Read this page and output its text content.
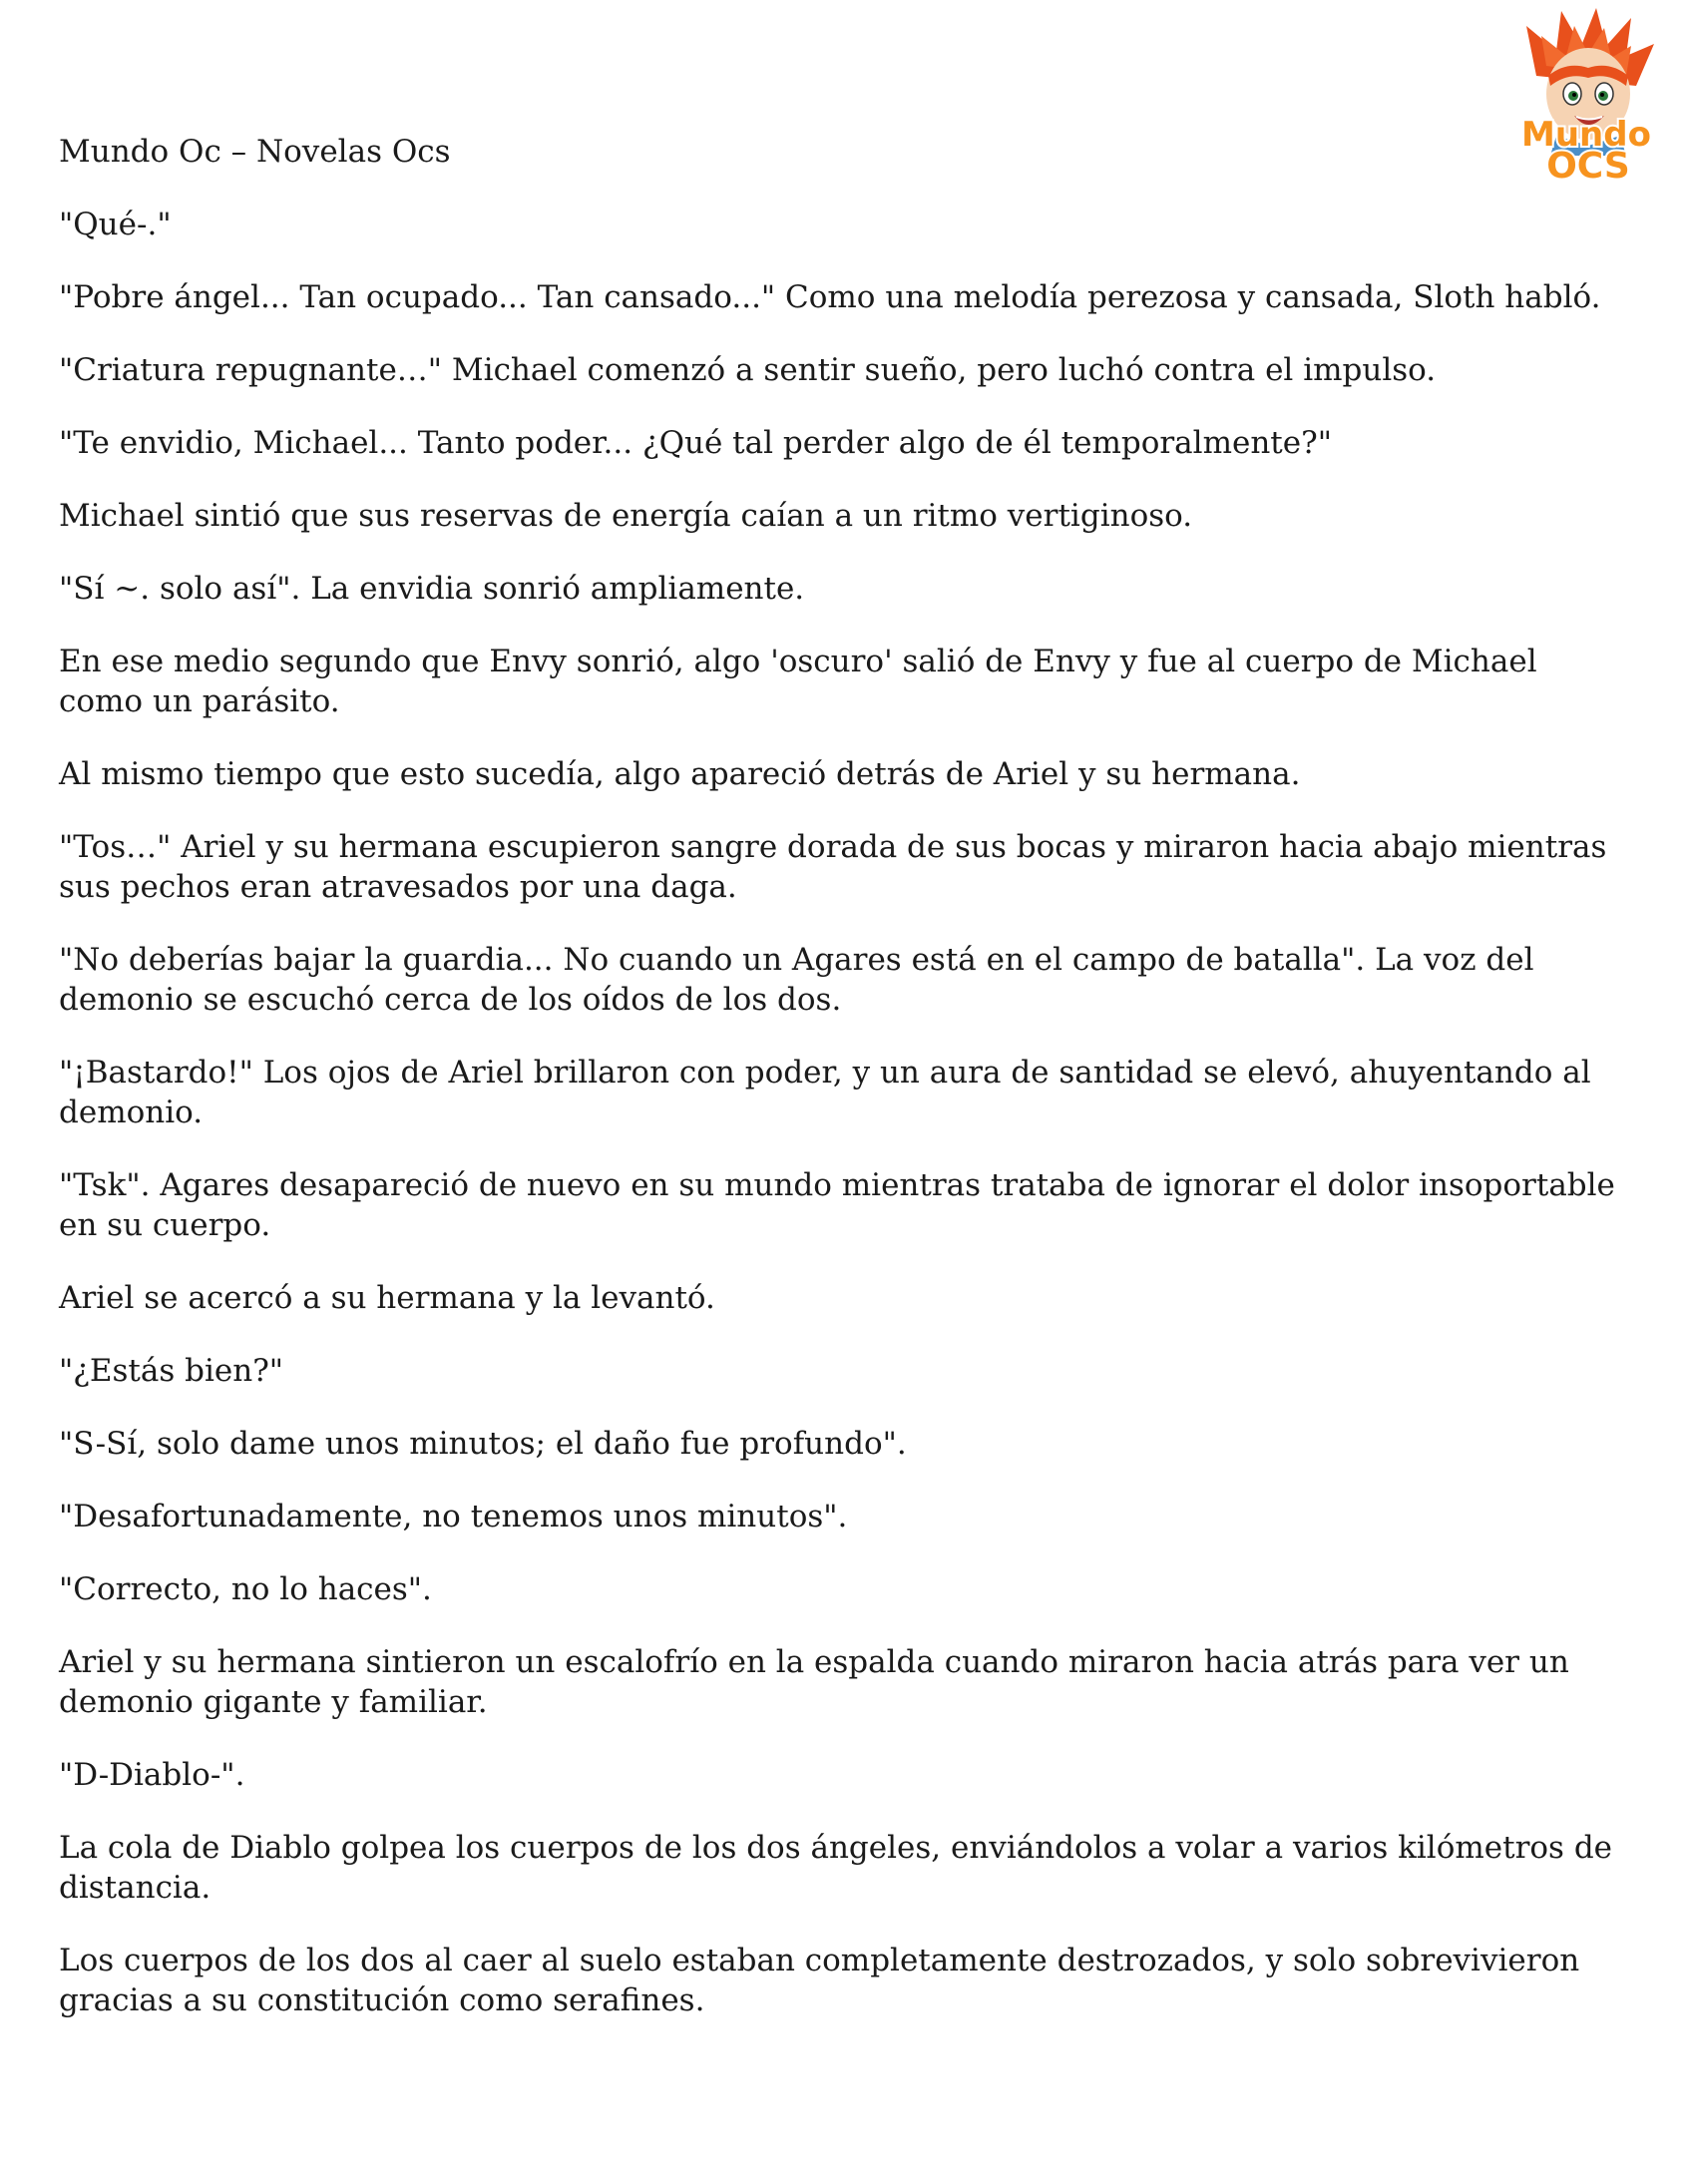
Mundo Oc – Novelas Ocs	Mundo
OCS

"Qué-."

"Pobre ángel... Tan ocupado... Tan cansado..." Como una melodía perezosa y cansada, Sloth habló.

"Criatura repugnante…" Michael comenzó a sentir sueño, pero luchó contra el impulso.

"Te envidio, Michael... Tanto poder... ¿Qué tal perder algo de él temporalmente?"

Michael sintió que sus reservas de energía caían a un ritmo vertiginoso.

"Sí ~. solo así". La envidia sonrió ampliamente.

En ese medio segundo que Envy sonrió, algo 'oscuro' salió de Envy y fue al cuerpo de Michael como un parásito.

Al mismo tiempo que esto sucedía, algo apareció detrás de Ariel y su hermana.

"Tos…" Ariel y su hermana escupieron sangre dorada de sus bocas y miraron hacia abajo mientras sus pechos eran atravesados por una daga.

"No deberías bajar la guardia... No cuando un Agares está en el campo de batalla". La voz del demonio se escuchó cerca de los oídos de los dos.

"¡Bastardo!" Los ojos de Ariel brillaron con poder, y un aura de santidad se elevó, ahuyentando al demonio.

"Tsk". Agares desapareció de nuevo en su mundo mientras trataba de ignorar el dolor insoportable en su cuerpo.

Ariel se acercó a su hermana y la levantó.

"¿Estás bien?"

"S-Sí, solo dame unos minutos; el daño fue profundo".

"Desafortunadamente, no tenemos unos minutos".

"Correcto, no lo haces".

Ariel y su hermana sintieron un escalofrío en la espalda cuando miraron hacia atrás para ver un demonio gigante y familiar.

"D-Diablo-".

La cola de Diablo golpea los cuerpos de los dos ángeles, enviándolos a volar a varios kilómetros de distancia.

Los cuerpos de los dos al caer al suelo estaban completamente destrozados, y solo sobrevivieron gracias a su constitución como serafines.
